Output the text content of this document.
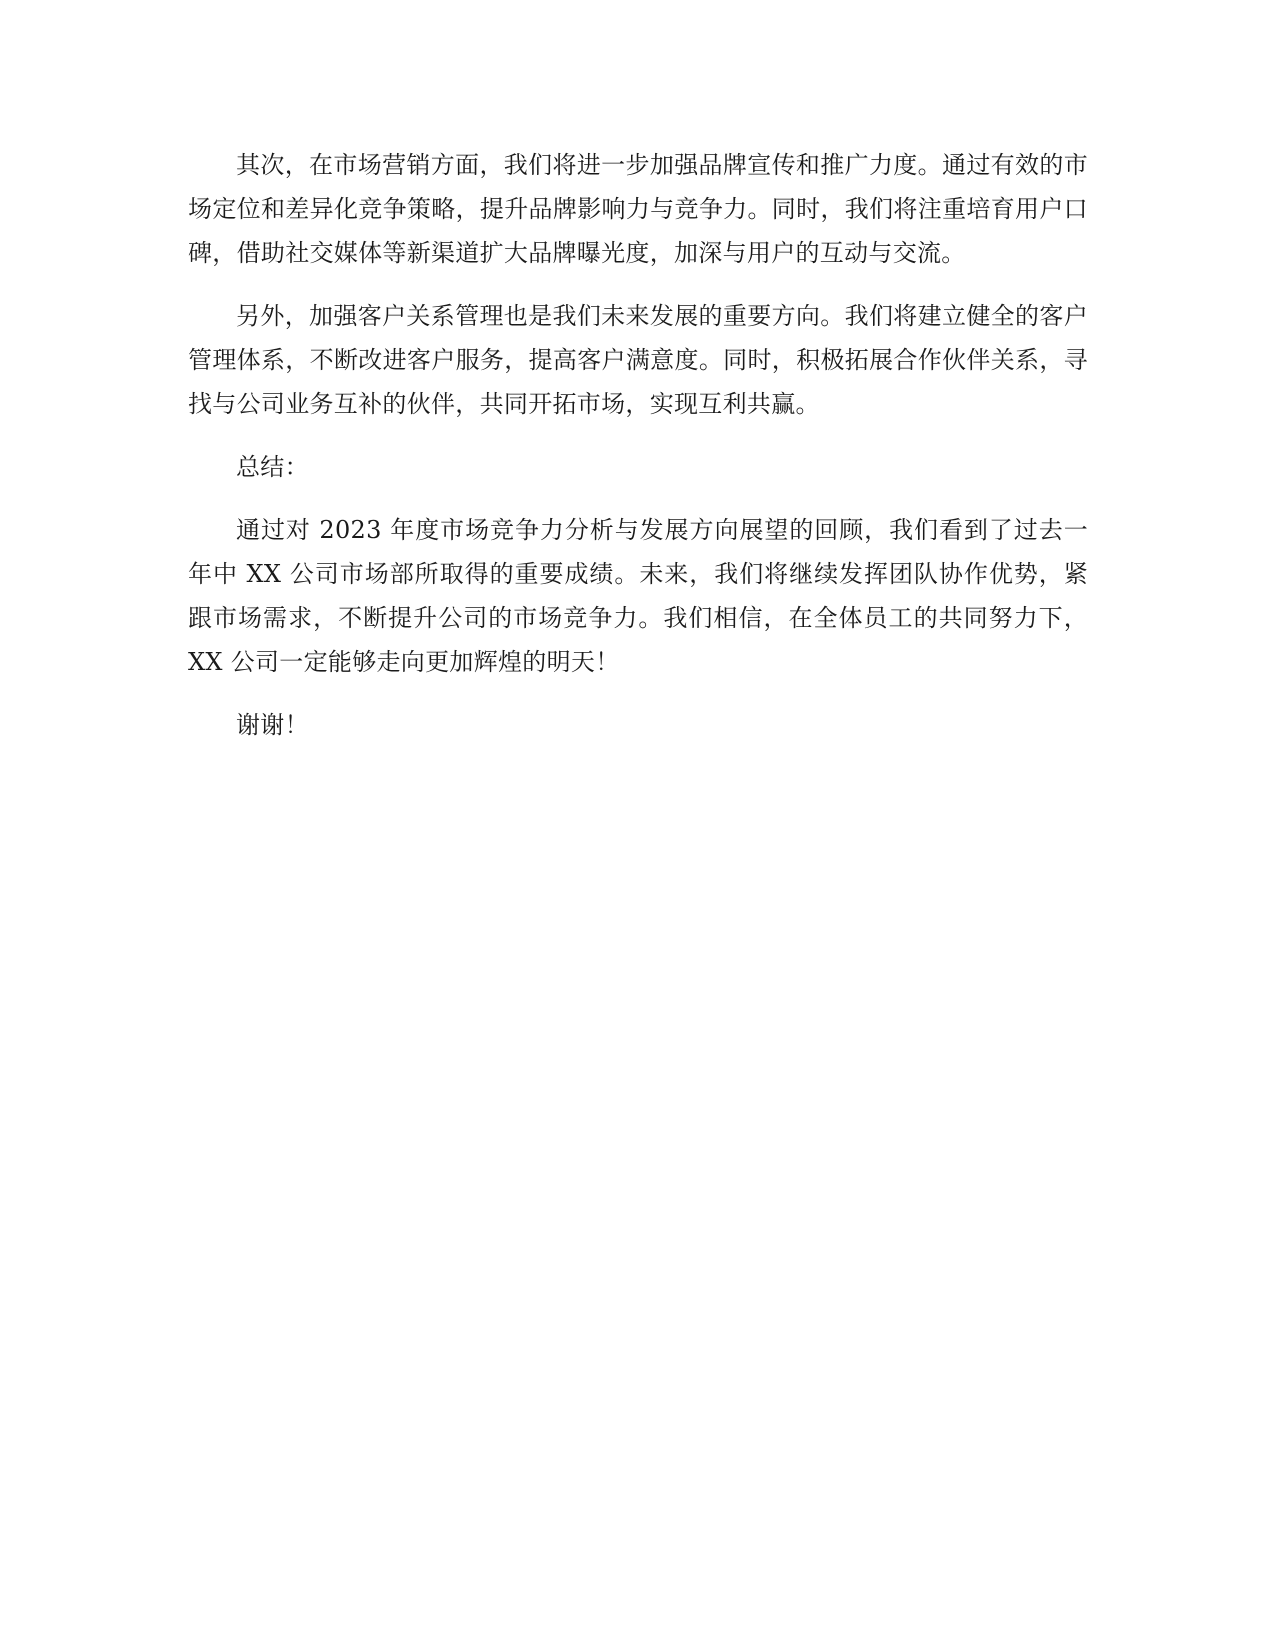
其次，在市场营销方面，我们将进一步加强品牌宣传和推广力度。通过有效的市场定位和差异化竞争策略，提升品牌影响力与竞争力。同时，我们将注重培育用户口碑，借助社交媒体等新渠道扩大品牌曝光度，加深与用户的互动与交流。

另外，加强客户关系管理也是我们未来发展的重要方向。我们将建立健全的客户管理体系，不断改进客户服务，提高客户满意度。同时，积极拓展合作伙伴关系，寻找与公司业务互补的伙伴，共同开拓市场，实现互利共赢。

总结：

通过对 2023 年度市场竞争力分析与发展方向展望的回顾，我们看到了过去一年中 XX 公司市场部所取得的重要成绩。未来，我们将继续发挥团队协作优势，紧跟市场需求，不断提升公司的市场竞争力。我们相信，在全体员工的共同努力下，XX 公司一定能够走向更加辉煌的明天！

谢谢！
